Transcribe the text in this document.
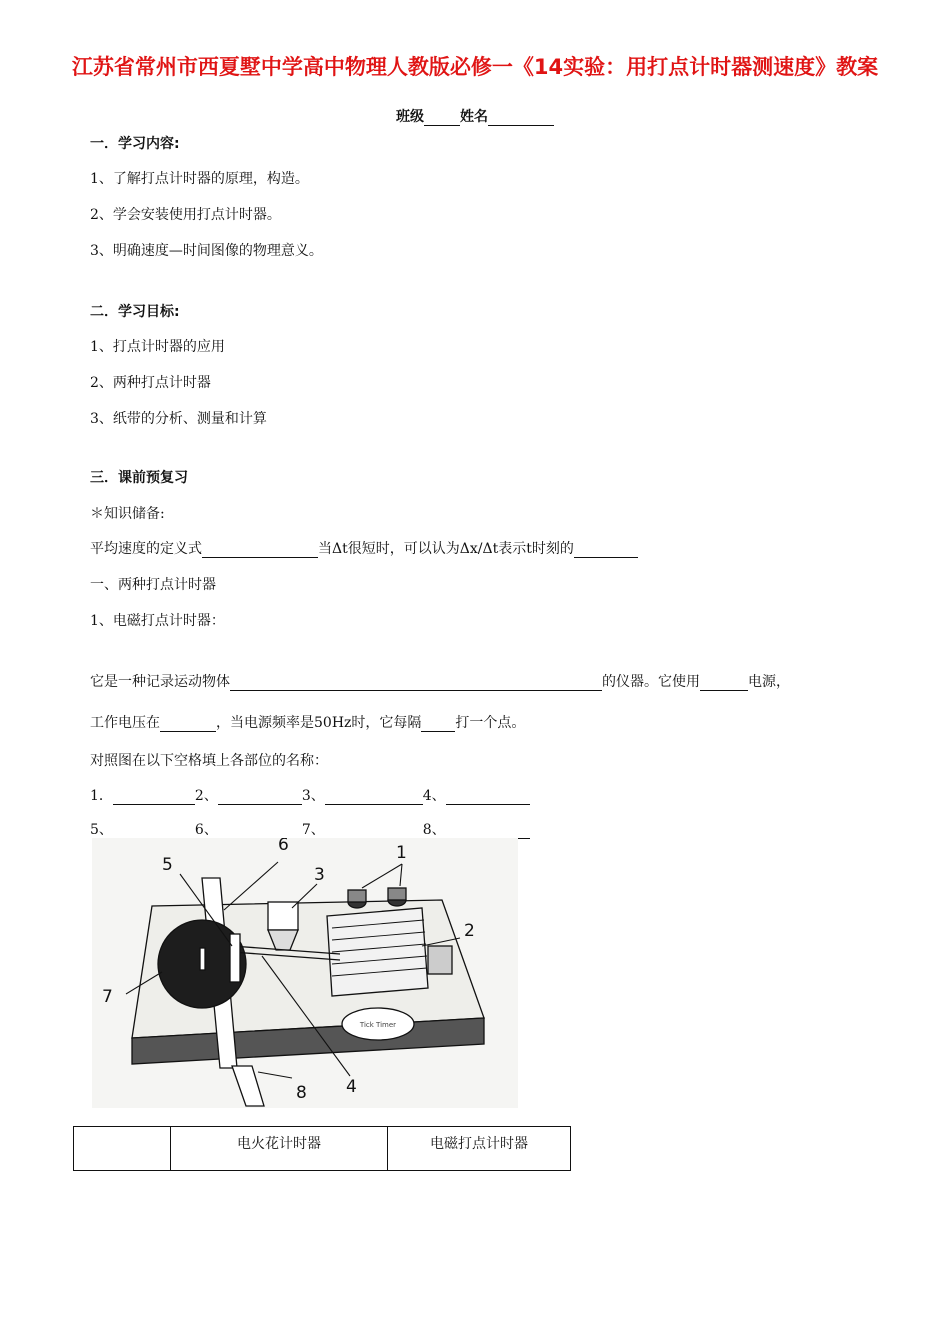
江苏省常州市西夏墅中学高中物理人教版必修一《14实验：用打点计时器测速度》教案
班级	姓名
一．学习内容:
1、了解打点计时器的原理，构造。
2、学会安装使用打点计时器。
3、明确速度—时间图像的物理意义。
二．学习目标:
1、打点计时器的应用
2、两种打点计时器
3、纸带的分析、测量和计算
三．课前预复习
＊知识储备:
平均速度的定义式	当Δt很短时，可以认为Δx/Δt表示t时刻的
一、两种打点计时器
1、电磁打点计时器：
它是一种记录运动物体	的仪器。它使用	电源，
工作电压在	，当电源频率是50Hz时，它每隔 打一个点。
对照图在以下空格填上各部位的名称：
1．	2、	3、	4、
5、	6、	7、	8、
Tick Timer
1
2
3
4
5
6
7
8
	电火花计时器	电磁打点计时器
